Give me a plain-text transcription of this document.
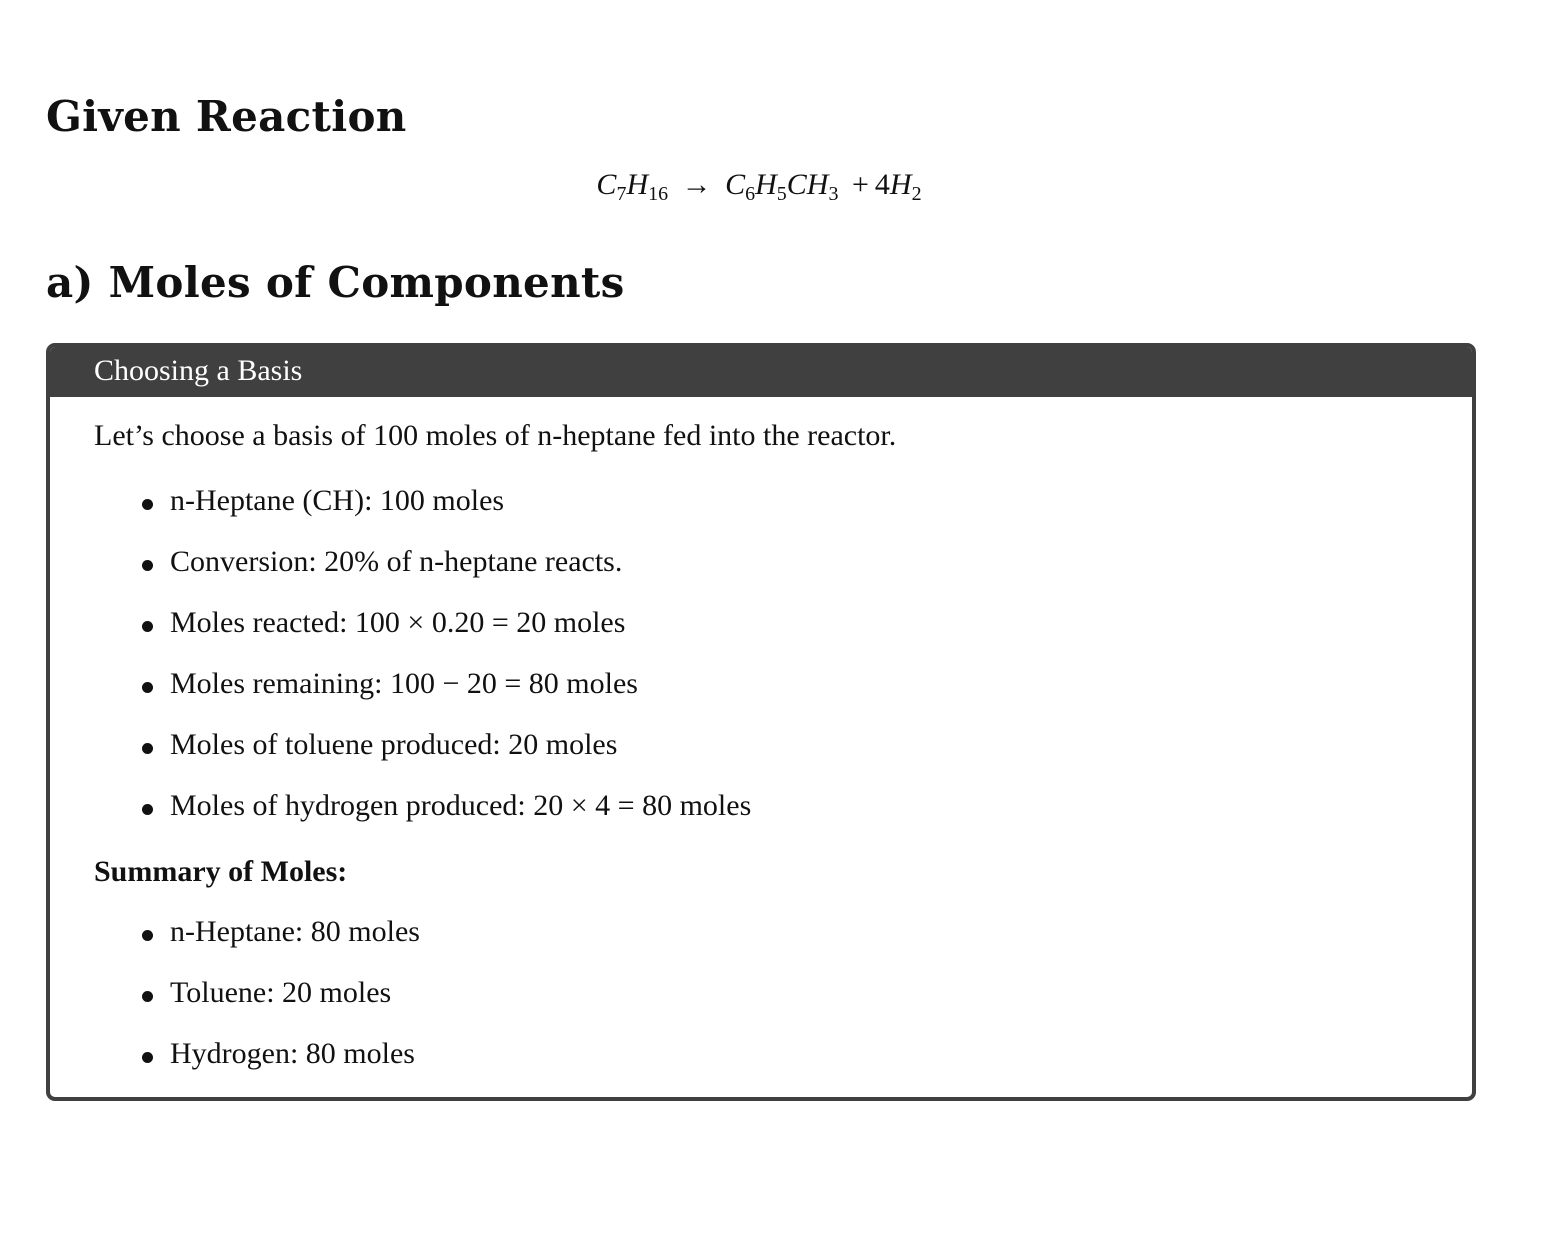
Given Reaction
$C_7H_{16} \to C_6H_5CH_3 + 4H_2$
a) Moles of Components
Choosing a Basis
Let’s choose a basis of 100 moles of n-heptane fed into the reactor.
n-Heptane (CH): 100 moles
Conversion: 20% of n-heptane reacts.
Moles reacted: 100 × 0.20 = 20 moles
Moles remaining: 100 − 20 = 80 moles
Moles of toluene produced: 20 moles
Moles of hydrogen produced: 20 × 4 = 80 moles
Summary of Moles:
n-Heptane: 80 moles
Toluene: 20 moles
Hydrogen: 80 moles
